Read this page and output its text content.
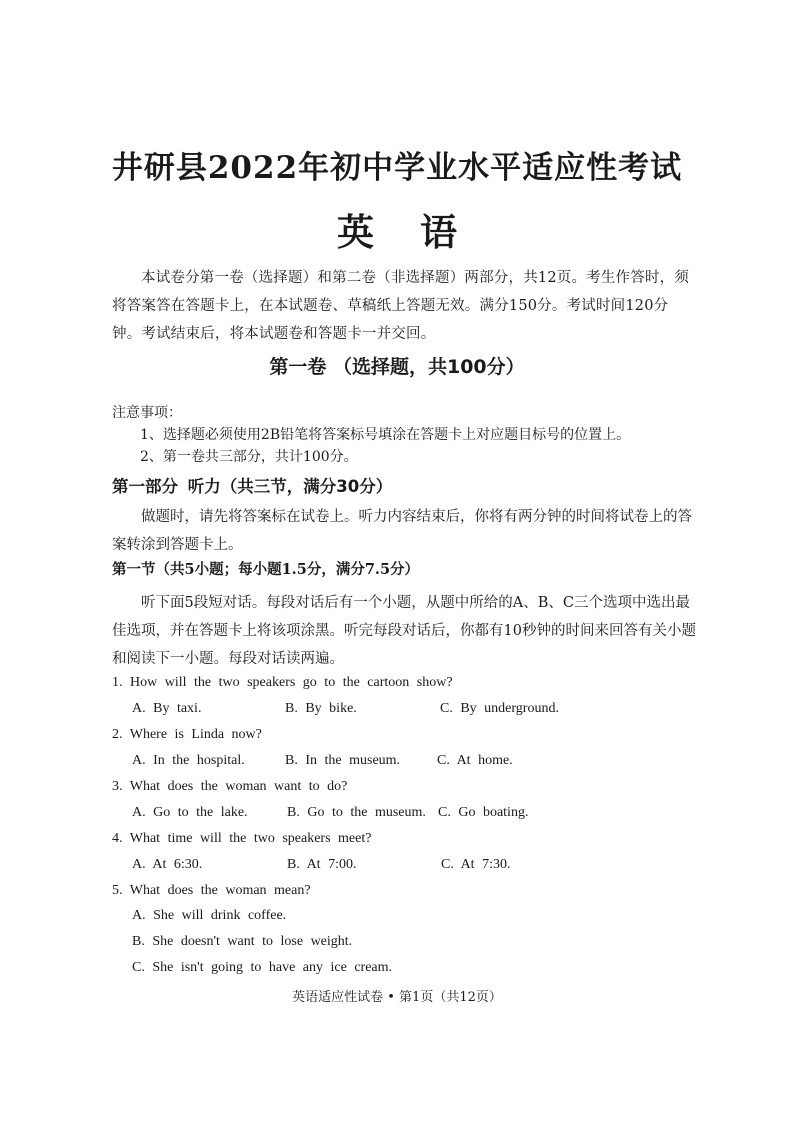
井研县2022年初中学业水平适应性考试
英语
本试卷分第一卷（选择题）和第二卷（非选择题）两部分，共12页。考生作答时，须将答案答在答题卡上，在本试题卷、草稿纸上答题无效。满分150分。考试时间120分钟。考试结束后，将本试题卷和答题卡一并交回。
第一卷 （选择题，共100分）
注意事项：
1、选择题必须使用2B铅笔将答案标号填涂在答题卡上对应题目标号的位置上。
2、第一卷共三部分，共计100分。
第一部分 听力（共三节，满分30分）
做题时，请先将答案标在试卷上。听力内容结束后，你将有两分钟的时间将试卷上的答案转涂到答题卡上。
第一节（共5小题；每小题1.5分，满分7.5分）
听下面5段短对话。每段对话后有一个小题，从题中所给的A、B、C三个选项中选出最佳选项，并在答题卡上将该项涂黑。听完每段对话后，你都有10秒钟的时间来回答有关小题和阅读下一小题。每段对话读两遍。
1. How will the two speakers go to the cartoon show?
A. By taxi.	B. By bike.	C. By underground.
2. Where is Linda now?
A. In the hospital.	B. In the museum.	C. At home.
3. What does the woman want to do?
A. Go to the lake.	B. Go to the museum. C. Go boating.
4. What time will the two speakers meet?
A. At 6:30.	B. At 7:00.	C. At 7:30.
5. What does the woman mean?
A. She will drink coffee.
B. She doesn't want to lose weight.
C. She isn't going to have any ice cream.
英语适应性试卷 • 第1页（共12页）
